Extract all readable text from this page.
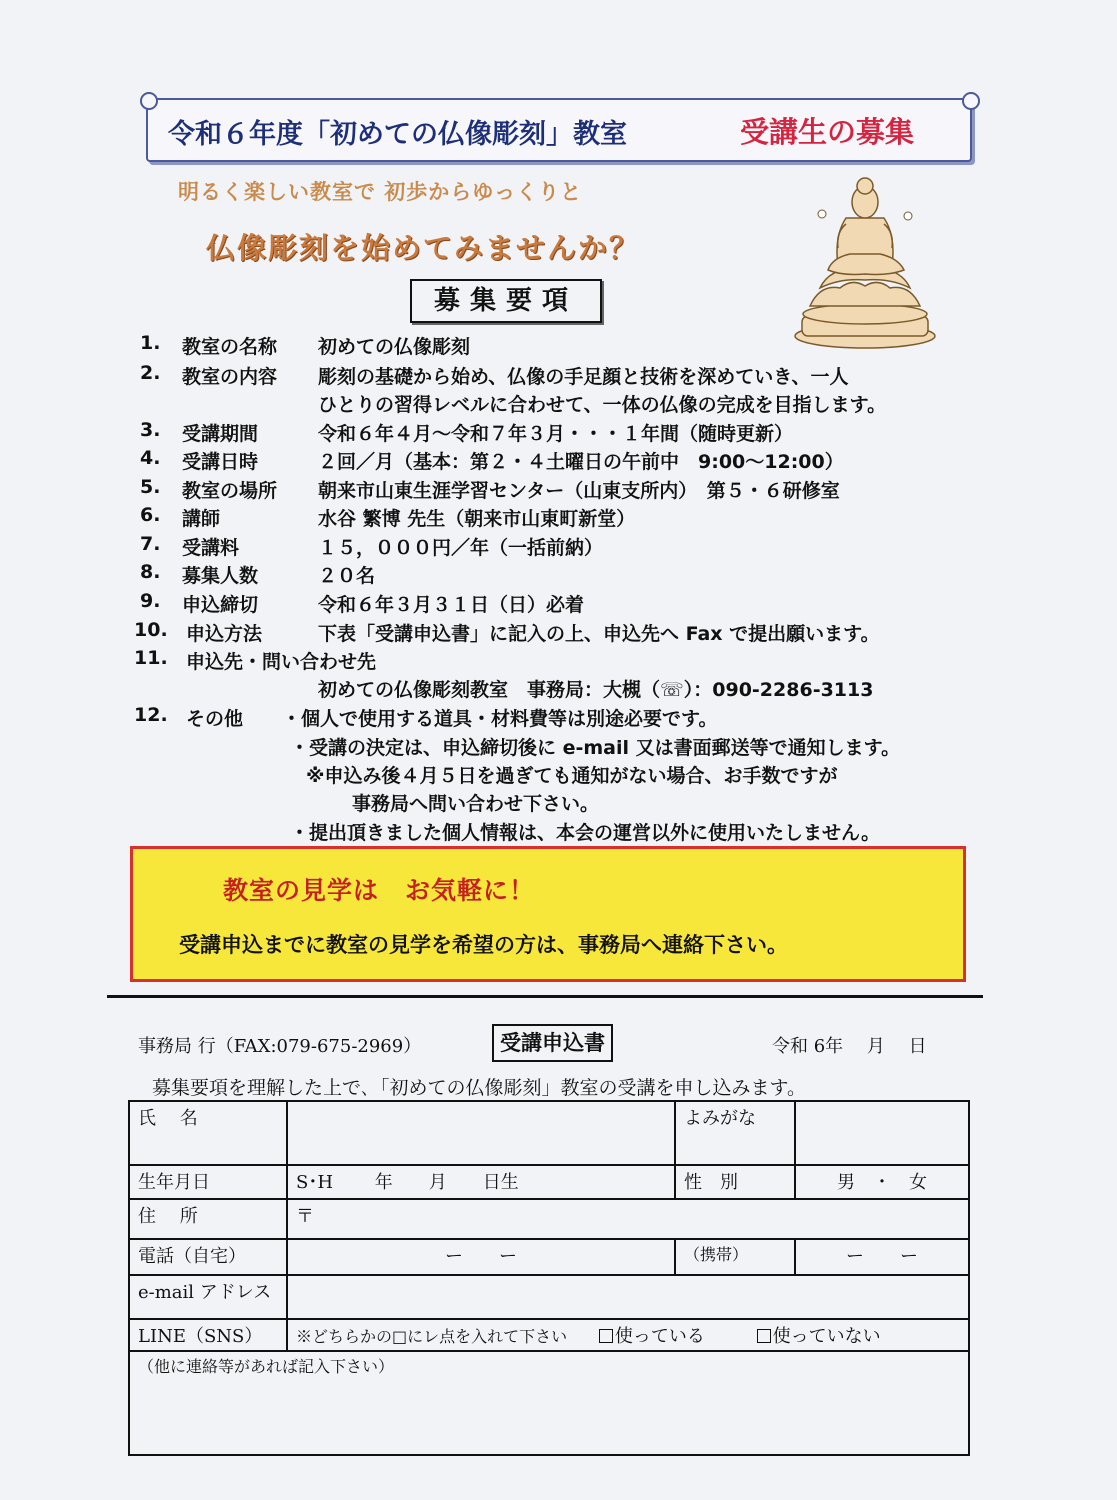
令和６年度「初めての仏像彫刻」教室	受講生の募集
明るく楽しい教室で 初歩からゆっくりと
仏像彫刻を始めてみませんか？
募集要項
1. 教室の名称 初めての仏像彫刻
2. 教室の内容 彫刻の基礎から始め、仏像の手足顔と技術を深めていき、一人
ひとりの習得レベルに合わせて、一体の仏像の完成を目指します。
3. 受講期間	令和６年４月～令和７年３月・・・１年間（随時更新）
4. 受講日時	２回／月（基本：第２・４土曜日の午前中　9:00～12:00）
5. 教室の場所 朝来市山東生涯学習センター（山東支所内）　第５・６研修室
6. 講師	水谷 繁博 先生（朝来市山東町新堂）
7. 受講料	１５，０００円／年（一括前納）
8. 募集人数	２０名
9. 申込締切	令和６年３月３１日（日）必着
10. 申込方法	下表「受講申込書」に記入の上、申込先へ Fax で提出願います。
11. 申込先・問い合わせ先
初めての仏像彫刻教室　事務局：大槻（☏）：090-2286-3113
12. その他 ・個人で使用する道具・材料費等は別途必要です。
・受講の決定は、申込締切後に e-mail 又は書面郵送等で通知します。
※申込み後４月５日を過ぎても通知がない場合、お手数ですが
事務局へ問い合わせ下さい。
・提出頂きました個人情報は、本会の運営以外に使用いたしません。
教室の見学は　お気軽に！
受講申込までに教室の見学を希望の方は、事務局へ連絡下さい。
事務局 行（FAX:079-675-2969）	受講申込書	令和 6年　 月　 日
募集要項を理解した上で､「初めての仏像彫刻」教室の受講を申し込みます。
氏　 名		よみがな	
生年月日	S･H　　 年　　月　　日生	性　別	男　・　女
住　 所	〒		
電話（自宅）	ー　　ー	（携帯）	ー　　ー
e-mail アドレス			
LINE（SNS）	※どちらかの□にレ点を入れて下さい 使っている 使っていない		
（他に連絡等があれば記入下さい）			
